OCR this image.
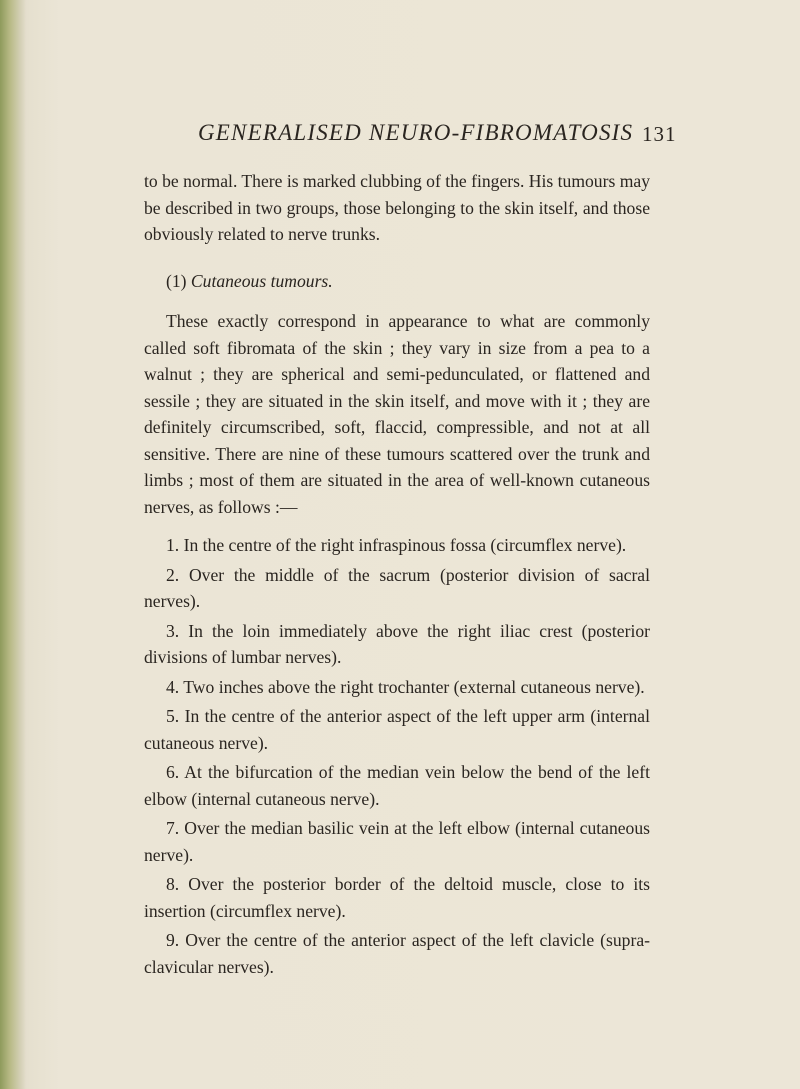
GENERALISED NEURO-FIBROMATOSIS 131

to be normal. There is marked clubbing of the fingers. His tumours may be described in two groups, those belonging to the skin itself, and those obviously related to nerve trunks.

(1) Cutaneous tumours.

These exactly correspond in appearance to what are commonly called soft fibromata of the skin ; they vary in size from a pea to a walnut ; they are spherical and semi-pedunculated, or flattened and sessile ; they are situated in the skin itself, and move with it ; they are definitely circumscribed, soft, flaccid, compressible, and not at all sensitive. There are nine of these tumours scattered over the trunk and limbs ; most of them are situated in the area of well-known cutaneous nerves, as follows :—

1. In the centre of the right infraspinous fossa (circumflex nerve).

2. Over the middle of the sacrum (posterior division of sacral nerves).

3. In the loin immediately above the right iliac crest (posterior divisions of lumbar nerves).

4. Two inches above the right trochanter (external cutaneous nerve).

5. In the centre of the anterior aspect of the left upper arm (internal cutaneous nerve).

6. At the bifurcation of the median vein below the bend of the left elbow (internal cutaneous nerve).

7. Over the median basilic vein at the left elbow (internal cutaneous nerve).

8. Over the posterior border of the deltoid muscle, close to its insertion (circumflex nerve).

9. Over the centre of the anterior aspect of the left clavicle (supra-clavicular nerves).
